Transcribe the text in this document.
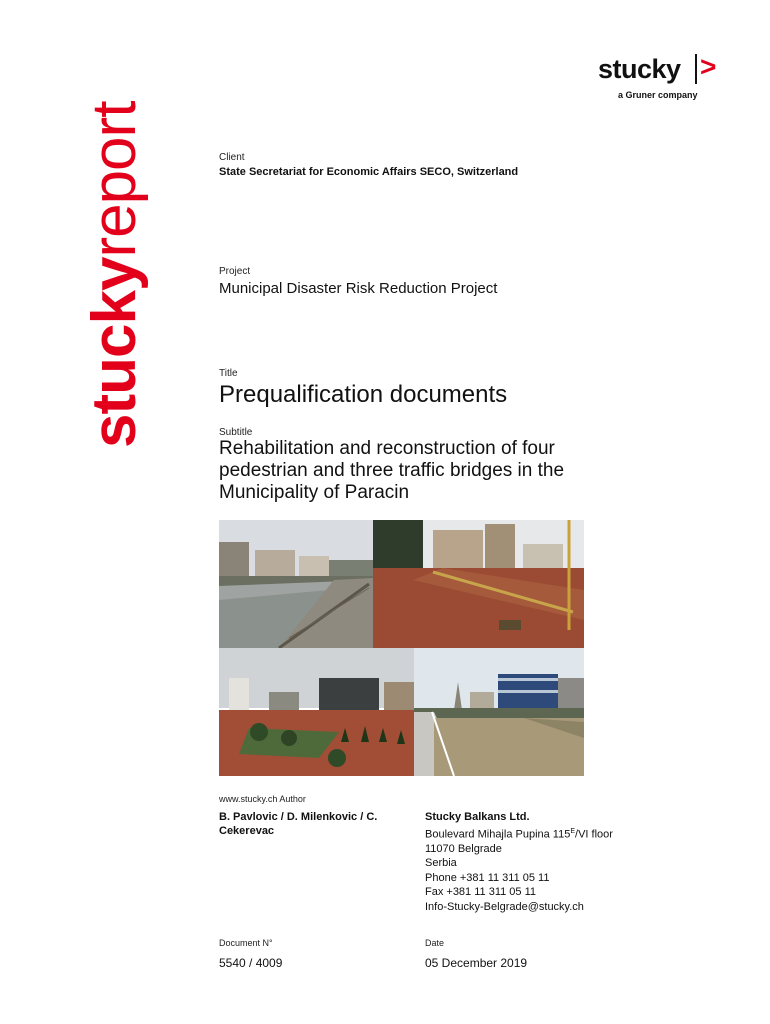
stuckyreport
stucky >
a Gruner company
Client
State Secretariat for Economic Affairs SECO, Switzerland
Project
Municipal Disaster Risk Reduction Project
Title
Prequalification documents
Subtitle
Rehabilitation and reconstruction of four pedestrian and three traffic bridges in the Municipality of Paracin
www.stucky.ch Author
B. Pavlovic / D. Milenkovic / C. Cekerevac
Stucky Balkans Ltd.
Boulevard Mihajla Pupina $115^E/VI$ floor
11070 Belgrade
Serbia
Phone +381 11 311 05 11
Fax +381 11 311 05 11
Info-Stucky-Belgrade@stucky.ch
Document N°
5540 / 4009
Date
05 December 2019
